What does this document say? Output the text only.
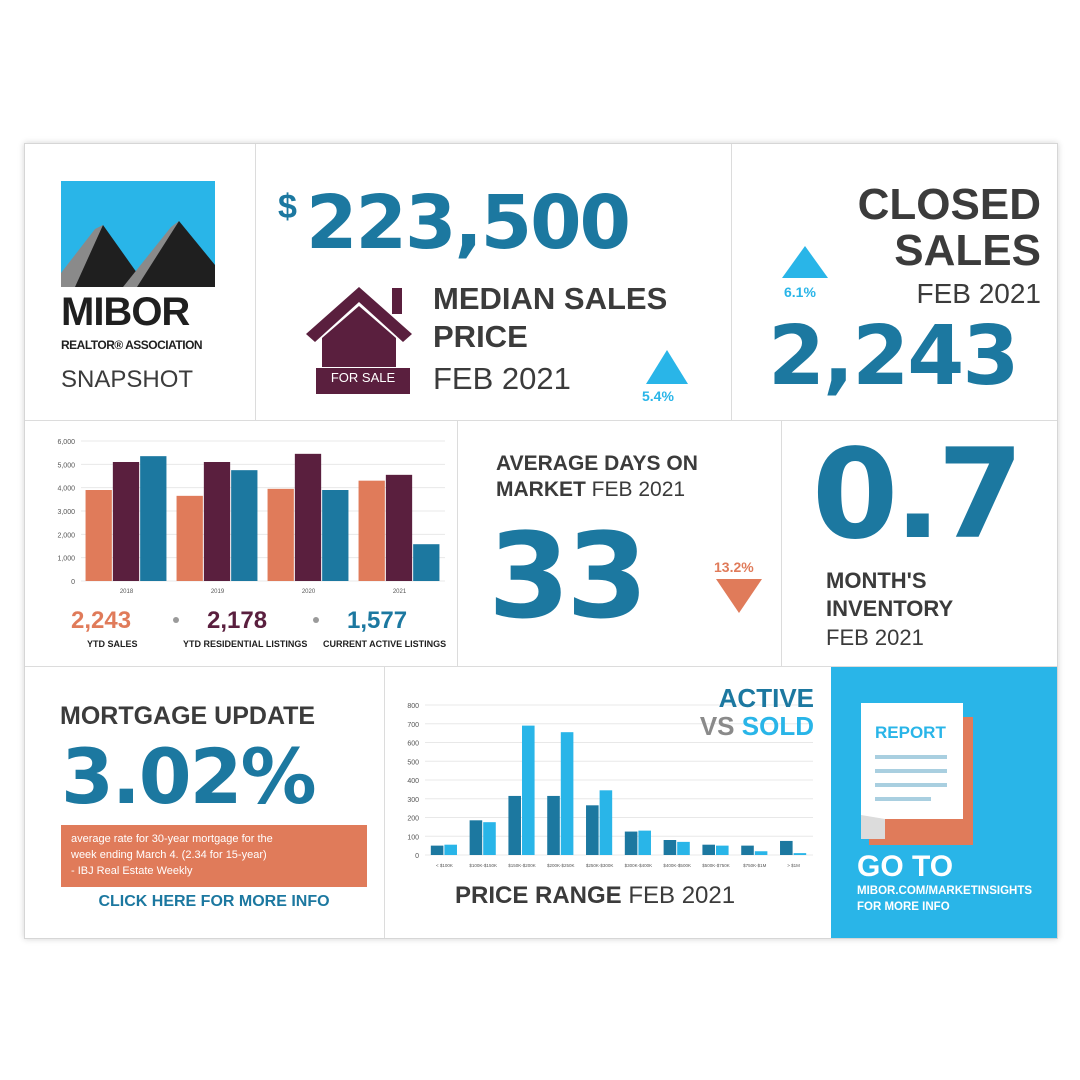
MIBOR
REALTOR® ASSOCIATION
SNAPSHOT
$ 223,500
FOR SALE
MEDIAN SALES
PRICE
FEB 2021	5.4%
CLOSED
SALES
FEB 2021
6.1%
2,243
0
1,000
2,000
3,000
4,000
5,000
6,000
2018	2019	2020	2021
2,243
YTD SALES
2,178
YTD RESIDENTIAL LISTINGS
1,577
CURRENT ACTIVE LISTINGS
AVERAGE DAYS ON
MARKET FEB 2021
33	13.2% 0.7
MONTH'S
INVENTORY
FEB 2021
MORTGAGE UPDATE
3.02%
average rate for 30-year mortgage for the
week ending March 4. (2.34 for 15-year)
- IBJ Real Estate Weekly
CLICK HERE FOR MORE INFO
0
100
200
300
400
500
600
700
800
< $100K	$100K-$150K	$150K-$200K	$200K-$250K	$250K-$300K	$300K-$400K	$400K-$500K	$500K-$750K	$750K-$1M	> $1M
ACTIVE
VS SOLD
PRICE RANGE FEB 2021
REPORT
GO TO
MIBOR.COM/MARKETINSIGHTS
FOR MORE INFO
